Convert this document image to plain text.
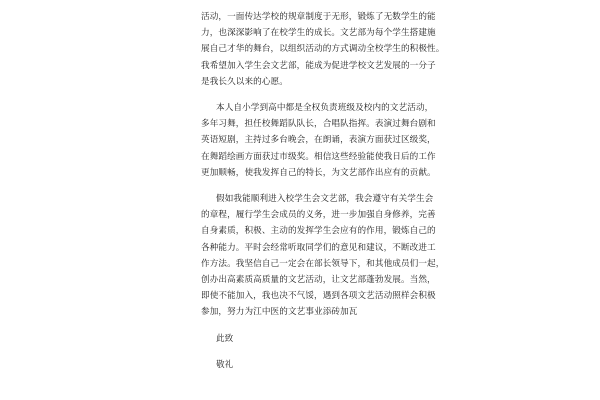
活动，一面传达学校的规章制度于无形，锻炼了无数学生的能

力，也深深影响了在校学生的成长。文艺部为每个学生搭建施

展自己才华的舞台，以组织活动的方式调动全校学生的积极性。

我希望加入学生会文艺部，能成为促进学校文艺发展的一分子

是我长久以来的心愿。

本人自小学到高中都是全权负责班级及校内的文艺活动，

多年习舞，担任校舞蹈队队长，合唱队指挥。表演过舞台剧和

英语短剧，主持过多台晚会，在朗诵，表演方面获过区级奖，

在舞蹈绘画方面获过市级奖。相信这些经验能使我日后的工作

更加顺畅，使我发挥自己的特长，为文艺部作出应有的贡献。

假如我能顺利进入校学生会文艺部，我会遵守有关学生会

的章程，履行学生会成员的义务，进一步加强自身修养，完善

自身素质，积极、主动的发挥学生会应有的作用，锻炼自己的

各种能力。平时会经常听取同学们的意见和建议，不断改进工

作方法。我坚信自己一定会在部长领导下，和其他成员们一起，

创办出高素质高质量的文艺活动，让文艺部蓬勃发展。当然，

即使不能加入，我也决不气馁，遇到各项文艺活动照样会积极

参加，努力为江中医的文艺事业添砖加瓦

此致

敬礼
